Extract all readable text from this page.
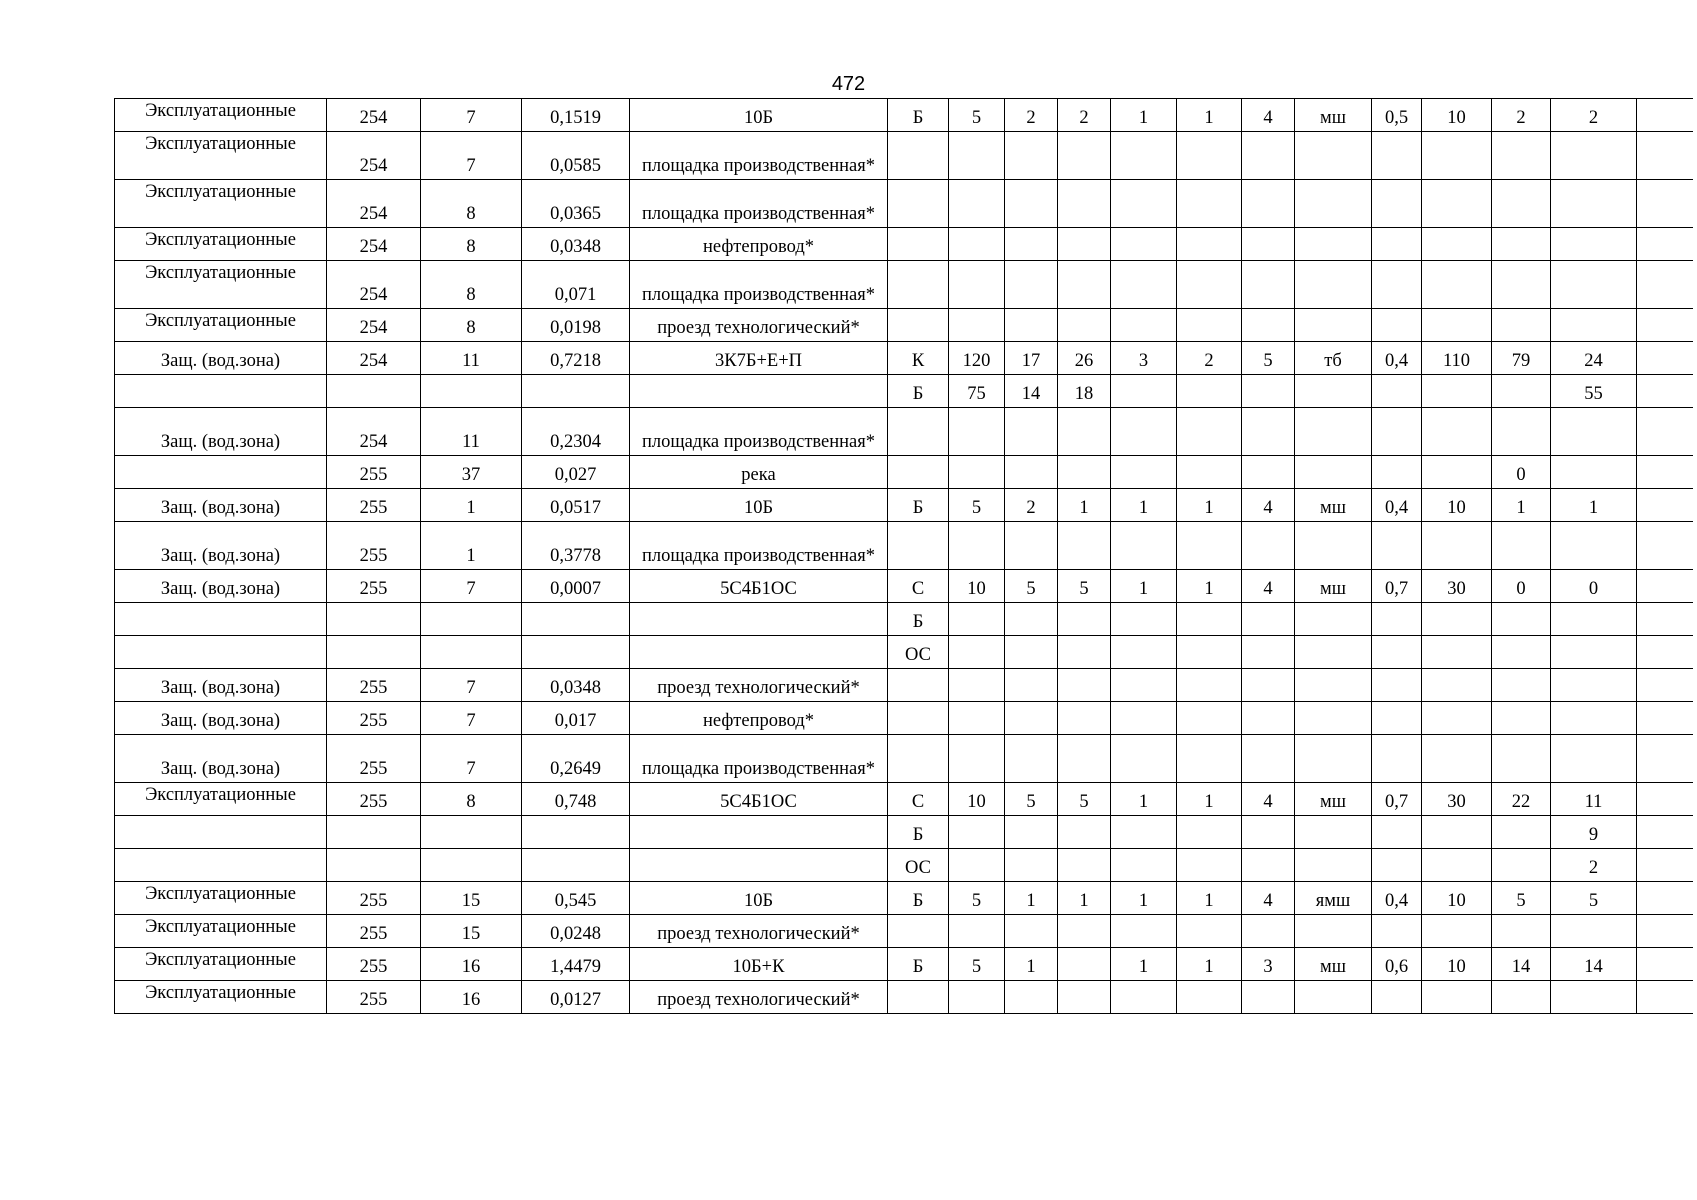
472
Эксплуатационные	254	7	0,1519	10Б	Б	5	2	2	1	1	4	мш	0,5	10	2	2	

Эксплуатационные	254	7	0,0585	площадка производственная*													

Эксплуатационные	254	8	0,0365	площадка производственная*													

Эксплуатационные	254	8	0,0348	нефтепровод*													

Эксплуатационные	254	8	0,071	площадка производственная*													

Эксплуатационные	254	8	0,0198	проезд технологический*													

Защ. (вод.зона)	254	11	0,7218	3К7Б+Е+П	К	120	17	26	3	2	5	тб	0,4	110	79	24	

					Б	75	14	18								55	

Защ. (вод.зона)	254	11	0,2304	площадка производственная*													

	255	37	0,027	река											0		

Защ. (вод.зона)	255	1	0,0517	10Б	Б	5	2	1	1	1	4	мш	0,4	10	1	1	

Защ. (вод.зона)	255	1	0,3778	площадка производственная*													

Защ. (вод.зона)	255	7	0,0007	5С4Б1ОС	С	10	5	5	1	1	4	мш	0,7	30	0	0	

					Б												

					ОС												

Защ. (вод.зона)	255	7	0,0348	проезд технологический*													

Защ. (вод.зона)	255	7	0,017	нефтепровод*													

Защ. (вод.зона)	255	7	0,2649	площадка производственная*													

Эксплуатационные	255	8	0,748	5С4Б1ОС	С	10	5	5	1	1	4	мш	0,7	30	22	11	

					Б											9	

					ОС											2	

Эксплуатационные	255	15	0,545	10Б	Б	5	1	1	1	1	4	ямш	0,4	10	5	5	

Эксплуатационные	255	15	0,0248	проезд технологический*													

Эксплуатационные	255	16	1,4479	10Б+К	Б	5	1		1	1	3	мш	0,6	10	14	14	

Эксплуатационные	255	16	0,0127	проезд технологический*													
